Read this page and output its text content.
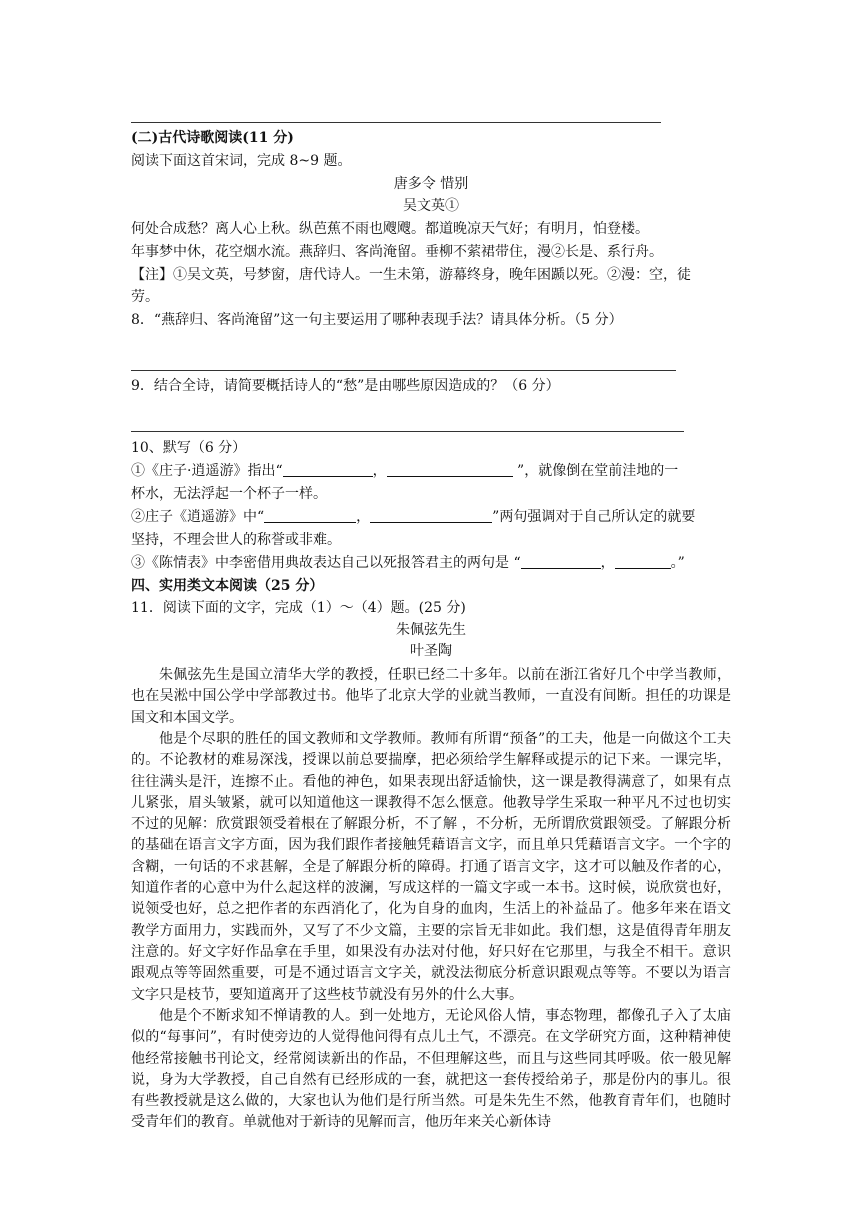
(二)古代诗歌阅读(11 分)
阅读下面这首宋词，完成 8~9 题。
唐多令 惜别
吴文英①
何处合成愁？离人心上秋。纵芭蕉不雨也飕飕。都道晚凉天气好；有明月，怕登楼。
年事梦中休，花空烟水流。燕辞归、客尚淹留。垂柳不萦裙带住，漫②长是、系行舟。
【注】①吴文英，号梦窗，唐代诗人。一生未第，游幕终身，晚年困踬以死。②漫：空，徒
劳。
8．“燕辞归、客尚淹留”这一句主要运用了哪种表现手法？请具体分析。（5 分）
9．结合全诗，请简要概括诗人的“愁”是由哪些原因造成的？（6 分）
10、默写（6 分）
①《庄子·逍遥游》指出“	，	”，就像倒在堂前洼地的一
杯水，无法浮起一个杯子一样。
②庄子《逍遥游》中“	，	”两句强调对于自己所认定的就要
坚持，不理会世人的称誉或非难。
③《陈情表》中李密借用典故表达自己以死报答君主的两句是 “	，	。”
四、实用类文本阅读（25 分）
11．阅读下面的文字，完成（1）～（4）题。(25 分)
朱佩弦先生
叶圣陶

朱佩弦先生是国立清华大学的教授，任职已经二十多年。以前在浙江省好几个中学当教师，也在吴淞中国公学中学部教过书。他毕了北京大学的业就当教师，一直没有间断。担任的功课是国文和本国文学。

他是个尽职的胜任的国文教师和文学教师。教师有所谓“预备”的工夫，他是一向做这个工夫的。不论教材的难易深浅，授课以前总要揣摩，把必须给学生解释或提示的记下来。一课完毕，往往满头是汗，连擦不止。看他的神色，如果表现出舒适愉快，这一课是教得满意了，如果有点儿紧张，眉头皱紧，就可以知道他这一课教得不怎么惬意。他教导学生采取一种平凡不过也切实不过的见解：欣赏跟领受着根在了解跟分析，不了解 ，不分析，无所谓欣赏跟领受。了解跟分析的基础在语言文字方面，因为我们跟作者接触凭藉语言文字，而且单只凭藉语言文字。一个字的含糊，一句话的不求甚解，全是了解跟分析的障碍。打通了语言文字，这才可以触及作者的心，知道作者的心意中为什么起这样的波澜，写成这样的一篇文字或一本书。这时候，说欣赏也好，说领受也好，总之把作者的东西消化了，化为自身的血肉，生活上的补益品了。他多年来在语文教学方面用力，实践而外，又写了不少文篇，主要的宗旨无非如此。我们想，这是值得青年朋友注意的。好文字好作品拿在手里，如果没有办法对付他，好只好在它那里，与我全不相干。意识跟观点等等固然重要，可是不通过语言文字关，就没法彻底分析意识跟观点等等。不要以为语言文字只是枝节，要知道离开了这些枝节就没有另外的什么大事。

他是个不断求知不惮请教的人。到一处地方，无论风俗人情，事态物理，都像孔子入了太庙似的“每事问”，有时使旁边的人觉得他问得有点儿土气，不漂亮。在文学研究方面，这种精神使他经常接触书刊论文，经常阅读新出的作品，不但理解这些，而且与这些同其呼吸。依一般见解说，身为大学教授，自己自然有已经形成的一套，就把这一套传授给弟子，那是份内的事儿。很有些教授就是这么做的，大家也认为他们是行所当然。可是朱先生不然，他教育青年们，也随时受青年们的教育。单就他对于新诗的见解而言，他历年来关心新体诗
